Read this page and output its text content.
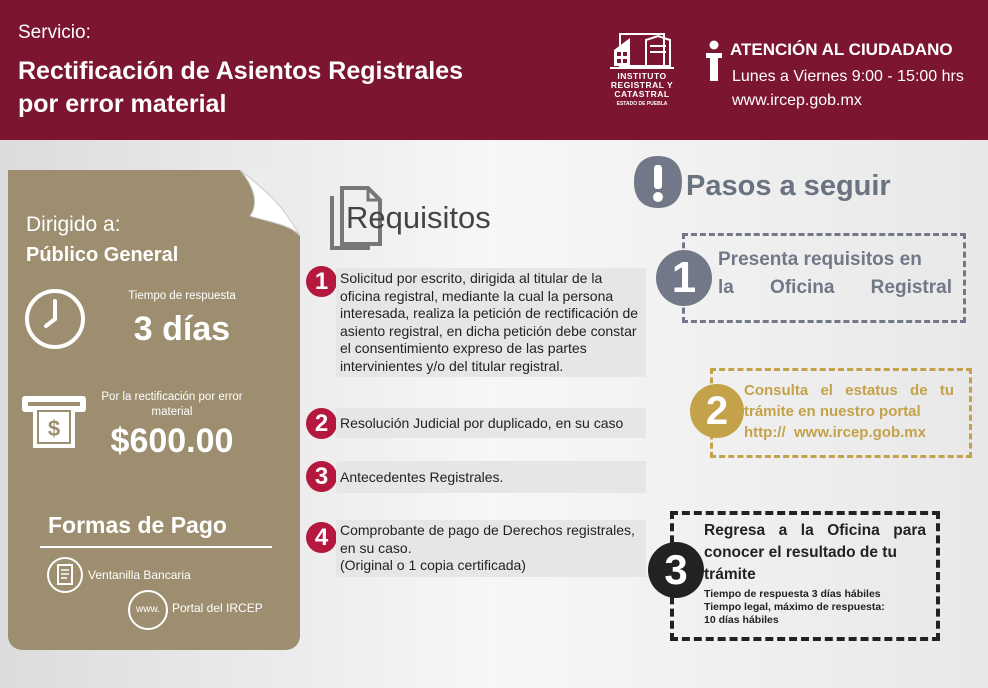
Servicio:
Rectificación de Asientos Registrales
por error material
INSTITUTO
REGISTRAL Y
CATASTRAL
ESTADO DE PUEBLA
ATENCIÓN AL CIUDADANO
Lunes a Viernes 9:00 - 15:00 hrs
www.ircep.gob.mx
Dirigido a:
Público General
Tiempo de respuesta
3 días
$
Por la rectificación por error material
$600.00
Formas de Pago
Ventanilla Bancaria
www.	Portal del IRCEP
Requisitos
1 Solicitud por escrito, dirigida al titular de la oficina registral, mediante la cual la persona interesada, realiza la petición de rectificación de asiento registral, en dicha petición debe constar el consentimiento expreso de las partes intervinientes y/o del titular registral.
2 Resolución Judicial por duplicado, en su caso
3 Antecedentes Registrales.
4 Comprobante de pago de Derechos registrales, en su caso.
(Original o 1 copia certificada)
Pasos a seguir
1	Presenta requisitos en
la Oficina Registral
2	Consulta el estatus de tu
trámite en nuestro portal
http://  www.ircep.gob.mx
3
Regresa a la Oficina para
conocer el resultado de tu
trámite
Tiempo de respuesta 3 días hábiles
Tiempo legal, máximo de respuesta:
10 días hábiles
